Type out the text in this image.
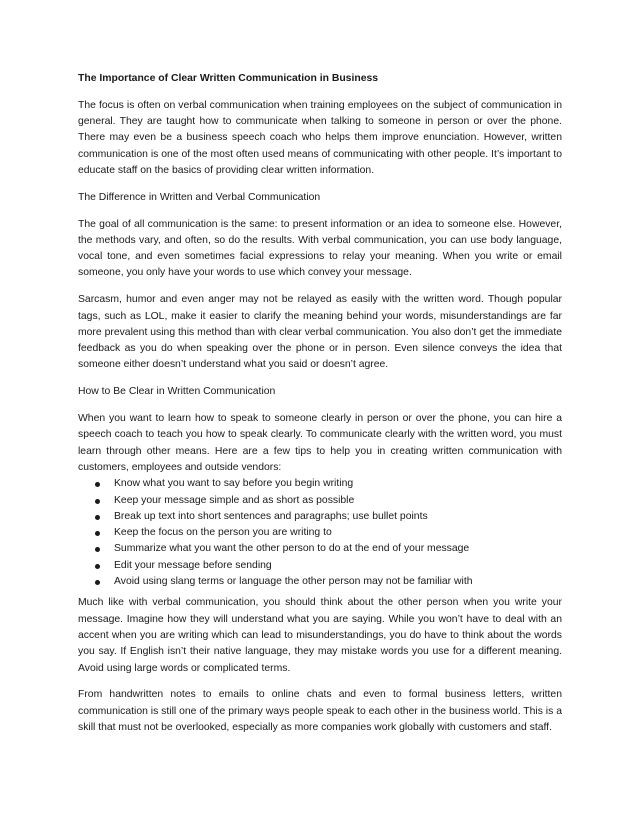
The Importance of Clear Written Communication in Business

The focus is often on verbal communication when training employees on the subject of communication in general. They are taught how to communicate when talking to someone in person or over the phone. There may even be a business speech coach who helps them improve enunciation. However, written communication is one of the most often used means of communicating with other people. It’s important to educate staff on the basics of providing clear written information.

The Difference in Written and Verbal Communication

The goal of all communication is the same: to present information or an idea to someone else. However, the methods vary, and often, so do the results. With verbal communication, you can use body language, vocal tone, and even sometimes facial expressions to relay your meaning. When you write or email someone, you only have your words to use which convey your message.

Sarcasm, humor and even anger may not be relayed as easily with the written word. Though popular tags, such as LOL, make it easier to clarify the meaning behind your words, misunderstandings are far more prevalent using this method than with clear verbal communication. You also don’t get the immediate feedback as you do when speaking over the phone or in person. Even silence conveys the idea that someone either doesn’t understand what you said or doesn’t agree.

How to Be Clear in Written Communication

When you want to learn how to speak to someone clearly in person or over the phone, you can hire a speech coach to teach you how to speak clearly. To communicate clearly with the written word, you must learn through other means. Here are a few tips to help you in creating written communication with customers, employees and outside vendors:

Know what you want to say before you begin writing
Keep your message simple and as short as possible
Break up text into short sentences and paragraphs; use bullet points
Keep the focus on the person you are writing to
Summarize what you want the other person to do at the end of your message
Edit your message before sending
Avoid using slang terms or language the other person may not be familiar with

Much like with verbal communication, you should think about the other person when you write your message. Imagine how they will understand what you are saying. While you won’t have to deal with an accent when you are writing which can lead to misunderstandings, you do have to think about the words you say. If English isn’t their native language, they may mistake words you use for a different meaning. Avoid using large words or complicated terms.

From handwritten notes to emails to online chats and even to formal business letters, written communication is still one of the primary ways people speak to each other in the business world. This is a skill that must not be overlooked, especially as more companies work globally with customers and staff.
